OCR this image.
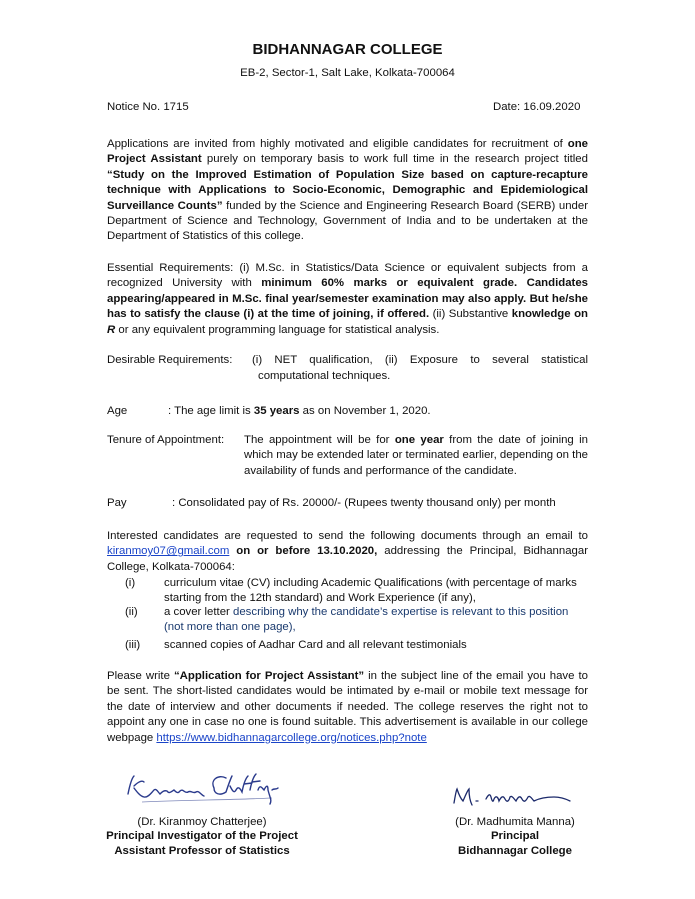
BIDHANNAGAR COLLEGE
EB-2, Sector-1, Salt Lake, Kolkata-700064
Notice No. 1715	Date: 16.09.2020
Applications are invited from highly motivated and eligible candidates for recruitment of one Project Assistant purely on temporary basis to work full time in the research project titled “Study on the Improved Estimation of Population Size based on capture-recapture technique with Applications to Socio-Economic, Demographic and Epidemiological Surveillance Counts” funded by the Science and Engineering Research Board (SERB) under Department of Science and Technology, Government of India and to be undertaken at the Department of Statistics of this college.
Essential Requirements: (i) M.Sc. in Statistics/Data Science or equivalent subjects from a recognized University with minimum 60% marks or equivalent grade. Candidates appearing/appeared in M.Sc. final year/semester examination may also apply. But he/she has to satisfy the clause (i) at the time of joining, if offered. (ii) Substantive knowledge on R or any equivalent programming language for statistical analysis.
Desirable Requirements: (i) NET qualification, (ii) Exposure to several statistical
computational techniques.
Age	: The age limit is 35 years as on November 1, 2020.
Tenure of Appointment: The appointment will be for one year from the date of joining in which may be extended later or terminated earlier, depending on the availability of funds and performance of the candidate.
Pay	: Consolidated pay of Rs. 20000/- (Rupees twenty thousand only) per month
Interested candidates are requested to send the following documents through an email to kiranmoy07@gmail.com on or before 13.10.2020, addressing the Principal, Bidhannagar College, Kolkata-700064:
(i)	curriculum vitae (CV) including Academic Qualifications (with percentage of marks starting from the 12th standard) and Work Experience (if any),
(ii) a cover letter describing why the candidate’s expertise is relevant to this position (not more than one page),
(iii) scanned copies of Aadhar Card and all relevant testimonials
Please write “Application for Project Assistant” in the subject line of the email you have to be sent. The short-listed candidates would be intimated by e-mail or mobile text message for the date of interview and other documents if needed. The college reserves the right not to appoint any one in case no one is found suitable. This advertisement is available in our college webpage https://www.bidhannagarcollege.org/notices.php?note
(Dr. Kiranmoy Chatterjee)
Principal Investigator of the Project
Assistant Professor of Statistics
(Dr. Madhumita Manna)
Principal
Bidhannagar College
